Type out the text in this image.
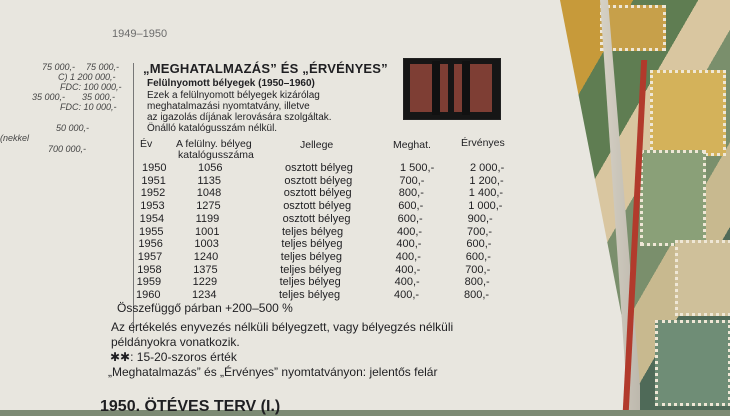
1949–1950
75 000,- 75 000,-
C) 1 200 000,-
FDC: 100 000,-
35 000,- 35 000,-
FDC: 10 000,-
50 000,-
(nekkel
700 000,-
„MEGHATALMAZÁS” ÉS „ÉRVÉNYES”
Felülnyomott bélyegek (1950–1960)
Ezek a felülnyomott bélyegek kizárólag
meghatalmazási nyomtatvány, illetve
az igazolás díjának lerovására szolgáltak.
Önálló katalógusszám nélkül.
Év A felülny. bélyeg
katalógusszáma
Jellege	Meghat.	Érvényes
1950	1056	osztott bélyeg	1 500,-	2 000,-
1951	1135	osztott bélyeg	700,-	1 200,-
1952	1048	osztott bélyeg	800,-	1 400,-
1953	1275	osztott bélyeg	600,-	1 000,-
1954	1199	osztott bélyeg	600,-	900,-
1955	1001	teljes bélyeg	400,-	700,-
1956	1003	teljes bélyeg	400,-	600,-
1957	1240	teljes bélyeg	400,-	600,-
1958	1375	teljes bélyeg	400,-	700,-
1959	1229	teljes bélyeg	400,-	800,-
1960	1234	teljes bélyeg	400,-	800,-
Összefüggő párban +200–500 %
Az értékelés enyvezés nélküli bélyegzett, vagy bélyegzés nélküli
példányokra vonatkozik.
✱✱: 15-20-szoros érték
„Meghatalmazás” és „Érvényes” nyomtatványon: jelentős felár
1950. ÖTÉVES TERV (I.)
